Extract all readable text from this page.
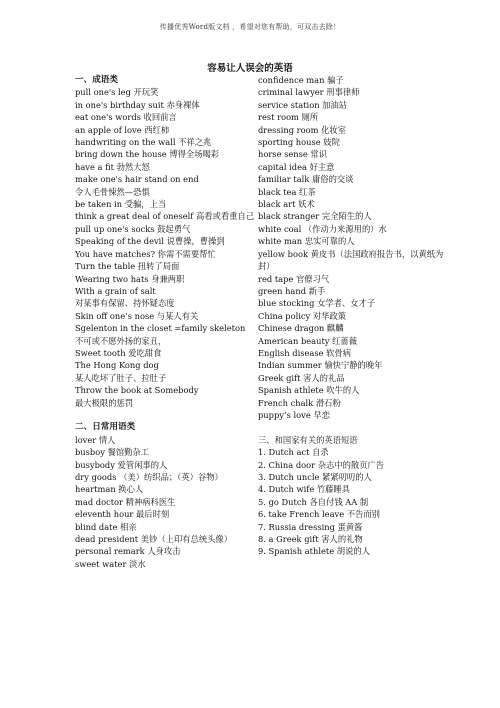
传播优秀Word版文档 ，希望对您有帮助，可双击去除！
容易让人误会的英语
一、成语类
pull one's leg 开玩笑
in one's birthday suit 赤身裸体
eat one's words 收回前言
an apple of love 西红柿
handwriting on the wall 不祥之兆
bring down the house 博得全场喝彩
have a fit 勃然大怒
make one's hair stand on end
令人毛骨悚然—恐惧
be taken in 受骗，上当
think a great deal of oneself 高看或看重自己
pull up one's socks 鼓起勇气
Speaking of the devil 说曹操，曹操到
You have matches? 你需不需要帮忙
Turn the table 扭转了局面
Wearing two hats 身兼两职
With a grain of salt
对某事有保留、持怀疑态度
Skin off one’s nose 与某人有关
Sgelenton in the closet =family skeleton
不可或不愿外扬的家丑，
Sweet tooth 爱吃甜食
The Hong Kong dog
某人吃坏了肚子、拉肚子
Throw the book at Somebody
最大极限的惩罚
二、日常用语类
lover 情人
busboy 餐馆勤杂工
busybody 爱管闲事的人
dry goods （美）纺织品；（英）谷物）
heartman 换心人
mad doctor 精神病科医生
eleventh hour 最后时刻
blind date 相亲
dead president 美钞（上印有总统头像）
personal remark 人身攻击
sweet water 淡水
confidence man 骗子
criminal lawyer 刑事律师
service station 加油站
rest room 厕所
dressing room 化妆室
sporting house 妓院
horse sense 常识
capital idea 好主意
familiar talk 庸俗的交谈
black tea 红茶
black art 妖术
black stranger 完全陌生的人
white coal （作动力来源用的）水
white man 忠实可靠的人
yellow book 黄皮书（法国政府报告书，以黄纸为封）
red tape 官僚习气
green hand 新手
blue stocking 女学者、女才子
China policy 对华政策
Chinese dragon 麒麟
American beauty 红蔷薇
English disease 软骨病
Indian summer 愉快宁静的晚年
Greek gift 害人的礼品
Spanish athlete 吹牛的人
French chalk 滑石粉
puppy’s love 早恋
三、和国家有关的英语短语
1. Dutch act 自杀
2. China door 杂志中的散页广告
3. Dutch uncle 紧紧叨叨的人
4. Dutch wife 竹藤睡具
5. go Dutch 各自付钱 AA 制
6. take French leave 不告而别
7. Russia dressing 蛋黄酱
8. a Greek gift 害人的礼物
9. Spanish athlete 胡说的人
